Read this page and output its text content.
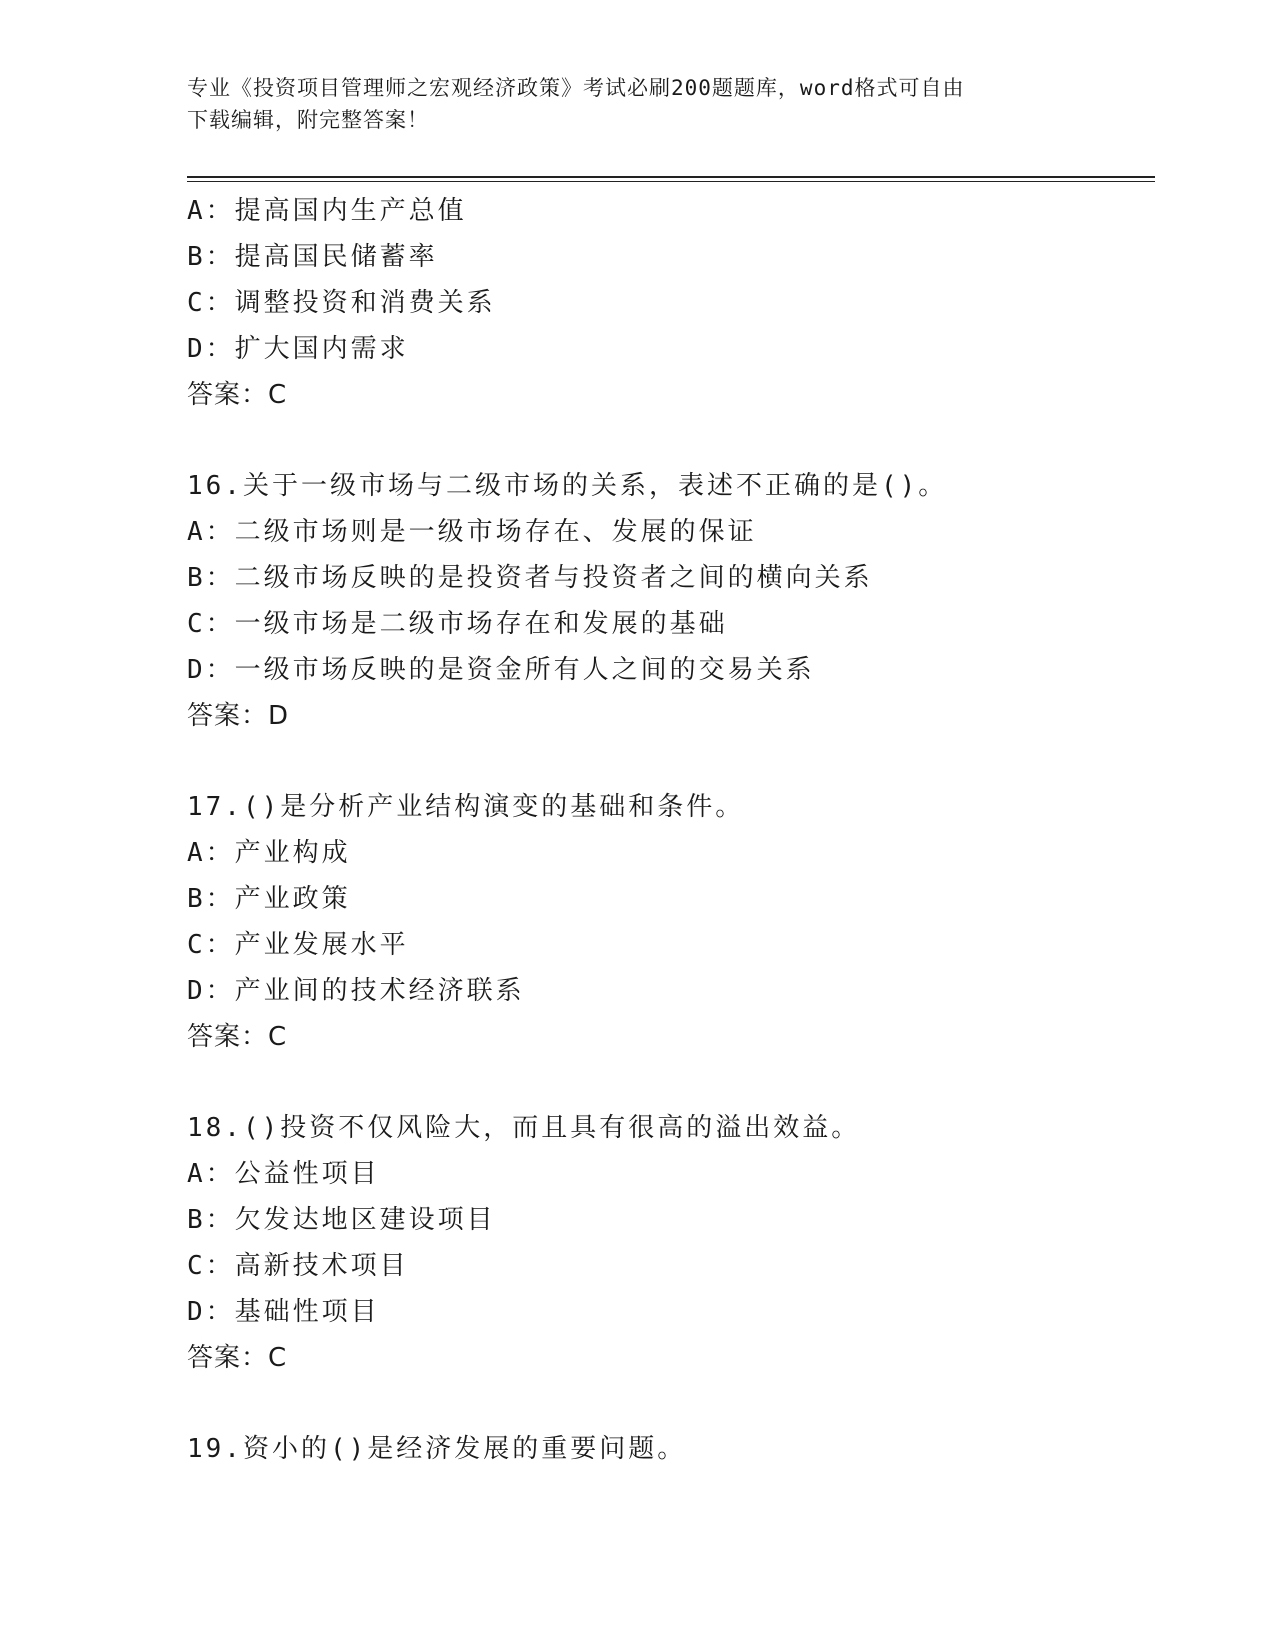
专业《投资项目管理师之宏观经济政策》考试必刷200题题库，word格式可自由
下载编辑，附完整答案！
A：提高国内生产总值
B：提高国民储蓄率
C：调整投资和消费关系
D：扩大国内需求
答案：C
16.关于一级市场与二级市场的关系，表述不正确的是()。
A：二级市场则是一级市场存在、发展的保证
B：二级市场反映的是投资者与投资者之间的横向关系
C：一级市场是二级市场存在和发展的基础
D：一级市场反映的是资金所有人之间的交易关系
答案：D
17.()是分析产业结构演变的基础和条件。
A：产业构成
B：产业政策
C：产业发展水平
D：产业间的技术经济联系
答案：C
18.()投资不仅风险大，而且具有很高的溢出效益。
A：公益性项目
B：欠发达地区建设项目
C：高新技术项目
D：基础性项目
答案：C
19.资小的()是经济发展的重要问题。
